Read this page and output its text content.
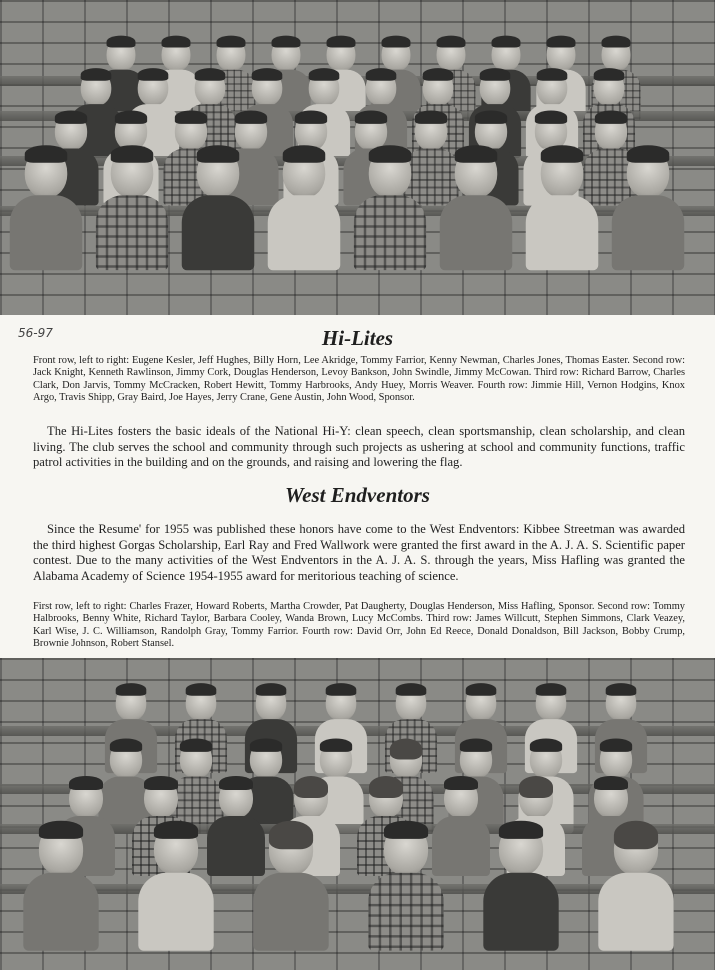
56-97	Hi-Lites

Front row, left to right: Eugene Kesler, Jeff Hughes, Billy Horn, Lee Akridge, Tommy Farrior, Kenny Newman, Charles Jones, Thomas Easter. Second row: Jack Knight, Kenneth Rawlinson, Jimmy Cork, Douglas Henderson, Levoy Bankson, John Swindle, Jimmy McCowan. Third row: Richard Barrow, Charles Clark, Don Jarvis, Tommy McCracken, Robert Hewitt, Tommy Harbrooks, Andy Huey, Morris Weaver. Fourth row: Jimmie Hill, Vernon Hodgins, Knox Argo, Travis Shipp, Gray Baird, Joe Hayes, Jerry Crane, Gene Austin, John Wood, Sponsor.

The Hi-Lites fosters the basic ideals of the National Hi-Y: clean speech, clean sportsmanship, clean scholarship, and clean living. The club serves the school and community through such projects as ushering at school and community functions, traffic patrol activities in the building and on the grounds, and raising and lowering the flag.

West Endventors

Since the Resume' for 1955 was published these honors have come to the West Endventors: Kibbee Streetman was awarded the third highest Gorgas Scholarship, Earl Ray and Fred Wallwork were granted the first award in the A. J. A. S. Scientific paper contest. Due to the many activities of the West Endventors in the A. J. A. S. through the years, Miss Hafling was granted the Alabama Academy of Science 1954-1955 award for meritorious teaching of science.

First row, left to right: Charles Frazer, Howard Roberts, Martha Crowder, Pat Daugherty, Douglas Henderson, Miss Hafling, Sponsor. Second row: Tommy Halbrooks, Benny White, Richard Taylor, Barbara Cooley, Wanda Brown, Lucy McCombs. Third row: James Willcutt, Stephen Simmons, Clark Veazey, Karl Wise, J. C. Williamson, Randolph Gray, Tommy Farrior. Fourth row: David Orr, John Ed Reece, Donald Donaldson, Bill Jackson, Bobby Crump, Brownie Johnson, Robert Stansel.
